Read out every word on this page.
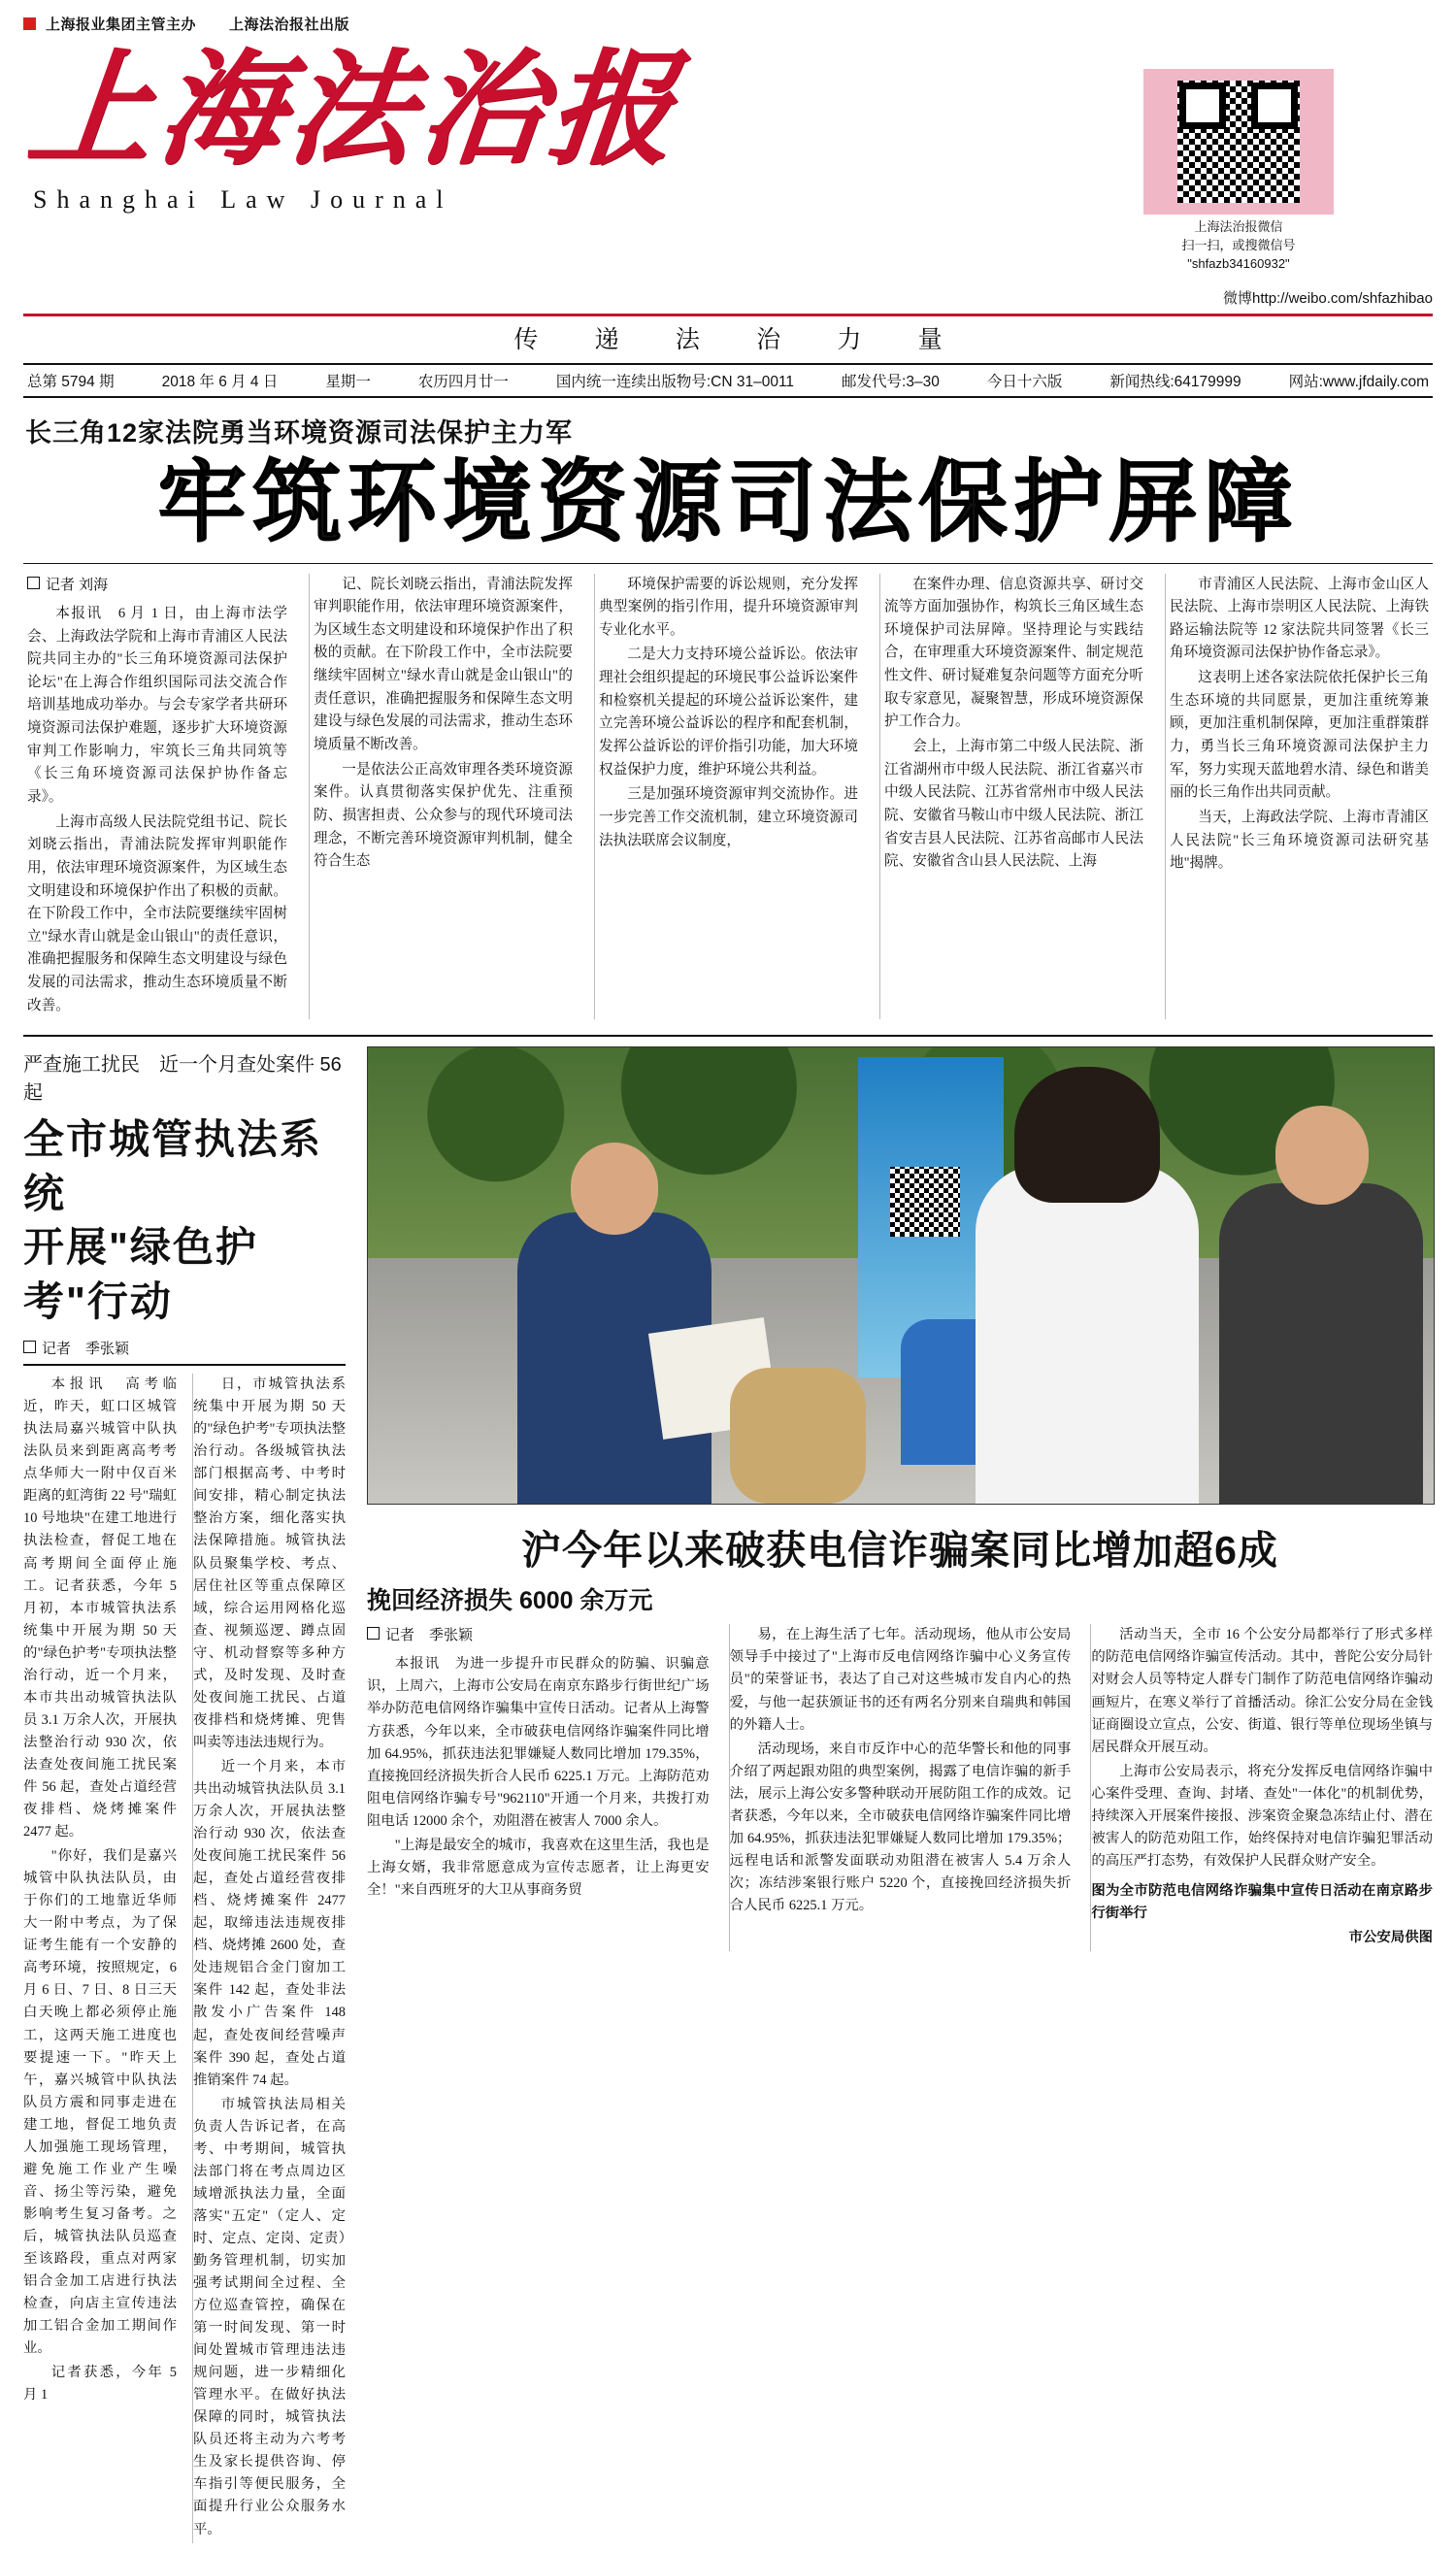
上海报业集团主管主办 上海法治报社出版
上海法治报
Shanghai Law Journal
上海法治报微信
扫一扫，或搜微信号
"shfazb34160932"
微博http://weibo.com/shfazhibao
传 递 法 治 力 量
总第 5794 期	2018 年 6 月 4 日	星期一	农历四月廿一	国内统一连续出版物号:CN 31–0011	邮发代号:3–30	今日十六版	新闻热线:64179999	网站:www.jfdaily.com
长三角12家法院勇当环境资源司法保护主力军
牢筑环境资源司法保护屏障
记者 刘海

本报讯　6 月 1 日，由上海市法学会、上海政法学院和上海市青浦区人民法院共同主办的"长三角环境资源司法保护论坛"在上海合作组织国际司法交流合作培训基地成功举办。与会专家学者共研环境资源司法保护难题，逐步扩大环境资源审判工作影响力，牢筑长三角共同筑等《长三角环境资源司法保护协作备忘录》。

上海市高级人民法院党组书记、院长刘晓云指出，青浦法院发挥审判职能作用，依法审理环境资源案件，为区域生态文明建设和环境保护作出了积极的贡献。在下阶段工作中，全市法院要继续牢固树立"绿水青山就是金山银山"的责任意识，准确把握服务和保障生态文明建设与绿色发展的司法需求，推动生态环境质量不断改善。

记、院长刘晓云指出，青浦法院发挥审判职能作用，依法审理环境资源案件，为区域生态文明建设和环境保护作出了积极的贡献。在下阶段工作中，全市法院要继续牢固树立"绿水青山就是金山银山"的责任意识，准确把握服务和保障生态文明建设与绿色发展的司法需求，推动生态环境质量不断改善。

一是依法公正高效审理各类环境资源案件。认真贯彻落实保护优先、注重预防、损害担责、公众参与的现代环境司法理念，不断完善环境资源审判机制，健全符合生态

环境保护需要的诉讼规则，充分发挥典型案例的指引作用，提升环境资源审判专业化水平。

二是大力支持环境公益诉讼。依法审理社会组织提起的环境民事公益诉讼案件和检察机关提起的环境公益诉讼案件，建立完善环境公益诉讼的程序和配套机制，发挥公益诉讼的评价指引功能，加大环境权益保护力度，维护环境公共利益。

三是加强环境资源审判交流协作。进一步完善工作交流机制，建立环境资源司法执法联席会议制度，

在案件办理、信息资源共享、研讨交流等方面加强协作，构筑长三角区域生态环境保护司法屏障。坚持理论与实践结合，在审理重大环境资源案件、制定规范性文件、研讨疑难复杂问题等方面充分听取专家意见，凝聚智慧，形成环境资源保护工作合力。

会上，上海市第二中级人民法院、浙江省湖州市中级人民法院、浙江省嘉兴市中级人民法院、江苏省常州市中级人民法院、安徽省马鞍山市中级人民法院、浙江省安吉县人民法院、江苏省高邮市人民法院、安徽省含山县人民法院、上海

市青浦区人民法院、上海市金山区人民法院、上海市崇明区人民法院、上海铁路运输法院等 12 家法院共同签署《长三角环境资源司法保护协作备忘录》。

这表明上述各家法院依托保护长三角生态环境的共同愿景，更加注重统筹兼顾，更加注重机制保障，更加注重群策群力，勇当长三角环境资源司法保护主力军，努力实现天蓝地碧水清、绿色和谐美丽的长三角作出共同贡献。

当天，上海政法学院、上海市青浦区人民法院"长三角环境资源司法研究基地"揭牌。

严查施工扰民　近一个月查处案件 56 起
全市城管执法系统
开展"绿色护考"行动
记者　季张颖

本报讯　高考临近，昨天，虹口区城管执法局嘉兴城管中队执法队员来到距离高考考点华师大一附中仅百米距离的虹湾街 22 号"瑞虹 10 号地块"在建工地进行执法检查，督促工地在高考期间全面停止施工。记者获悉，今年 5 月初，本市城管执法系统集中开展为期 50 天的"绿色护考"专项执法整治行动，近一个月来，本市共出动城管执法队员 3.1 万余人次，开展执法整治行动 930 次，依法查处夜间施工扰民案件 56 起，查处占道经营夜排档、烧烤摊案件 2477 起。

"你好，我们是嘉兴城管中队执法队员，由于你们的工地靠近华师大一附中考点，为了保证考生能有一个安静的高考环境，按照规定，6 月 6 日、7 日、8 日三天白天晚上都必须停止施工，这两天施工进度也要提速一下。"昨天上午，嘉兴城管中队执法队员方震和同事走进在建工地，督促工地负责人加强施工现场管理，避免施工作业产生噪音、扬尘等污染，避免影响考生复习备考。之后，城管执法队员巡查至该路段，重点对两家铝合金加工店进行执法检查，向店主宣传违法加工铝合金加工期间作业。

记者获悉，今年 5 月 1

日，市城管执法系统集中开展为期 50 天的"绿色护考"专项执法整治行动。各级城管执法部门根据高考、中考时间安排，精心制定执法整治方案，细化落实执法保障措施。城管执法队员聚集学校、考点、居住社区等重点保障区域，综合运用网格化巡查、视频巡逻、蹲点固守、机动督察等多种方式，及时发现、及时查处夜间施工扰民、占道夜排档和烧烤摊、兜售叫卖等违法违规行为。

近一个月来，本市共出动城管执法队员 3.1 万余人次，开展执法整治行动 930 次，依法查处夜间施工扰民案件 56 起，查处占道经营夜排档、烧烤摊案件 2477 起，取缔违法违规夜排档、烧烤摊 2600 处，查处违规铝合金门窗加工案件 142 起，查处非法散发小广告案件 148 起，查处夜间经营噪声案件 390 起，查处占道推销案件 74 起。

市城管执法局相关负责人告诉记者，在高考、中考期间，城管执法部门将在考点周边区域增派执法力量，全面落实"五定"（定人、定时、定点、定岗、定责）勤务管理机制，切实加强考试期间全过程、全方位巡查管控，确保在第一时间发现、第一时间处置城市管理违法违规问题，进一步精细化管理水平。在做好执法保障的同时，城管执法队员还将主动为六考考生及家长提供咨询、停车指引等便民服务，全面提升行业公众服务水平。

沪今年以来破获电信诈骗案同比增加超6成
挽回经济损失 6000 余万元
记者　季张颖

本报讯　为进一步提升市民群众的防骗、识骗意识，上周六，上海市公安局在南京东路步行街世纪广场举办防范电信网络诈骗集中宣传日活动。记者从上海警方获悉，今年以来，全市破获电信网络诈骗案件同比增加 64.95%，抓获违法犯罪嫌疑人数同比增加 179.35%，直接挽回经济损失折合人民币 6225.1 万元。上海防范劝阻电信网络诈骗专号"962110"开通一个月来，共拨打劝阻电话 12000 余个，劝阻潜在被害人 7000 余人。

"上海是最安全的城市，我喜欢在这里生活，我也是上海女婿，我非常愿意成为宣传志愿者，让上海更安全！"来自西班牙的大卫从事商务贸

易，在上海生活了七年。活动现场，他从市公安局领导手中接过了"上海市反电信网络诈骗中心义务宣传员"的荣誉证书，表达了自己对这些城市发自内心的热爱，与他一起获颁证书的还有两名分别来自瑞典和韩国的外籍人士。

活动现场，来自市反诈中心的范华警长和他的同事介绍了两起跟劝阻的典型案例，揭露了电信诈骗的新手法，展示上海公安多警种联动开展防阻工作的成效。记者获悉，今年以来，全市破获电信网络诈骗案件同比增加 64.95%，抓获违法犯罪嫌疑人数同比增加 179.35%；远程电话和派警发面联动劝阻潜在被害人 5.4 万余人次；冻结涉案银行账户 5220 个，直接挽回经济损失折合人民币 6225.1 万元。

活动当天，全市 16 个公安分局都举行了形式多样的防范电信网络诈骗宣传活动。其中，普陀公安分局针对财会人员等特定人群专门制作了防范电信网络诈骗动画短片，在寒义举行了首播活动。徐汇公安分局在金钱证商圈设立宣点，公安、街道、银行等单位现场坐镇与居民群众开展互动。

上海市公安局表示，将充分发挥反电信网络诈骗中心案件受理、查询、封堵、查处"一体化"的机制优势，持续深入开展案件接报、涉案资金聚急冻结止付、潜在被害人的防范劝阻工作，始终保持对电信诈骗犯罪活动的高压严打态势，有效保护人民群众财产安全。

图为全市防范电信网络诈骗集中宣传日活动在南京路步行街举行

市公安局供图
